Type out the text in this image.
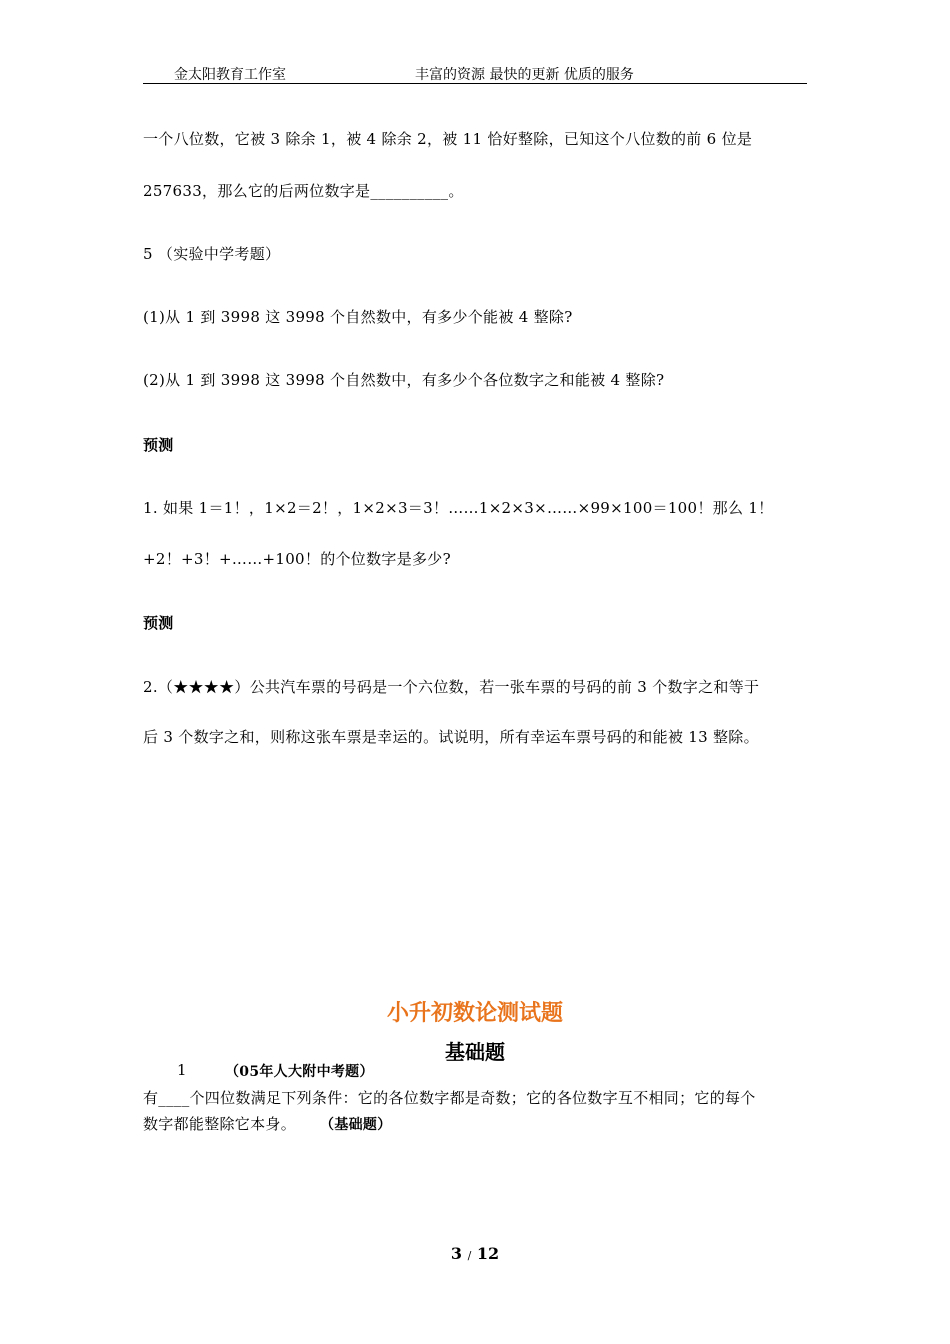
金太阳教育工作室	丰富的资源 最快的更新 优质的服务
一个八位数，它被 3 除余 1，被 4 除余 2，被 11 恰好整除，已知这个八位数的前 6 位是
257633，那么它的后两位数字是__________。
5 （实验中学考题）
(1)从 1 到 3998 这 3998 个自然数中，有多少个能被 4 整除?
(2)从 1 到 3998 这 3998 个自然数中，有多少个各位数字之和能被 4 整除?
预测
1. 如果 1＝1！，1×2＝2！，1×2×3＝3！……1×2×3×……×99×100＝100！那么 1！
+2！+3！+……+100！的个位数字是多少?
预测
2.（★★★★）公共汽车票的号码是一个六位数，若一张车票的号码的前 3 个数字之和等于
后 3 个数字之和，则称这张车票是幸运的。试说明，所有幸运车票号码的和能被 13 整除。
小升初数论测试题
基础题
1	（05年人大附中考题）
有____个四位数满足下列条件：它的各位数字都是奇数；它的各位数字互不相同；它的每个
数字都能整除它本身。 （基础题）
3 / 12
